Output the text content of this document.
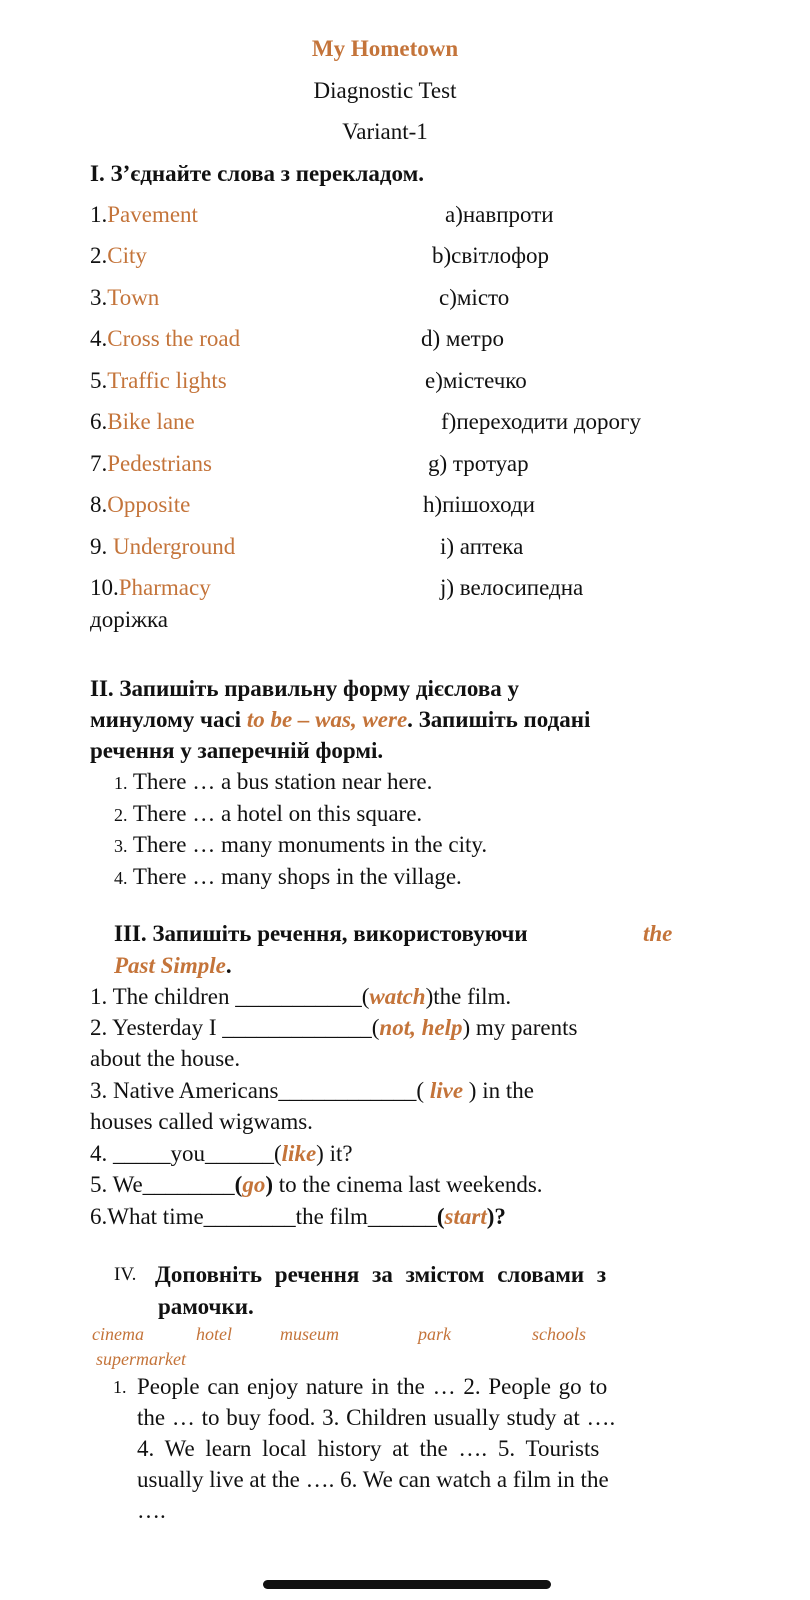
My Hometown
Diagnostic Test
Variant-1
I. З’єднайте слова з перекладом.
1.Pavement	a)навпроти
2.City	b)світлофор
3.Town	c)місто
4.Cross the road	d) метро
5.Traffic lights	e)містечко
6.Bike lane	f)переходити дорогу
7.Pedestrians	g) тротуар
8.Opposite	h)пішоходи
9. Underground	i) аптека
10.Pharmacy	j) велосипедна
доріжка
II. Запишіть правильну форму дієслова у
минулому часі to be – was, were. Запишіть подані
речення у заперечній формі.
1. There … a bus station near here.
2. There … a hotel on this square.
3. There … many monuments in the city.
4. There … many shops in the village.
III. Запишіть речення, використовуючи	the
Past Simple.
1. The children ___________(watch)the film.
2. Yesterday I _____________(not, help) my parents
about the house.
3. Native Americans____________( live ) in the
houses called wigwams.
4. _____you______(like) it?
5. We________(go) to the cinema last weekends.
6.What time________the film______(start)?
IV. Доповніть речення за змістом словами з
рамочки.
cinema	hotel	museum	park	schools
supermarket
1. People can enjoy nature in the … 2. People go to
the … to buy food. 3. Children usually study at ….
4. We learn local history at the …. 5. Tourists
usually live at the …. 6. We can watch a film in the
….
